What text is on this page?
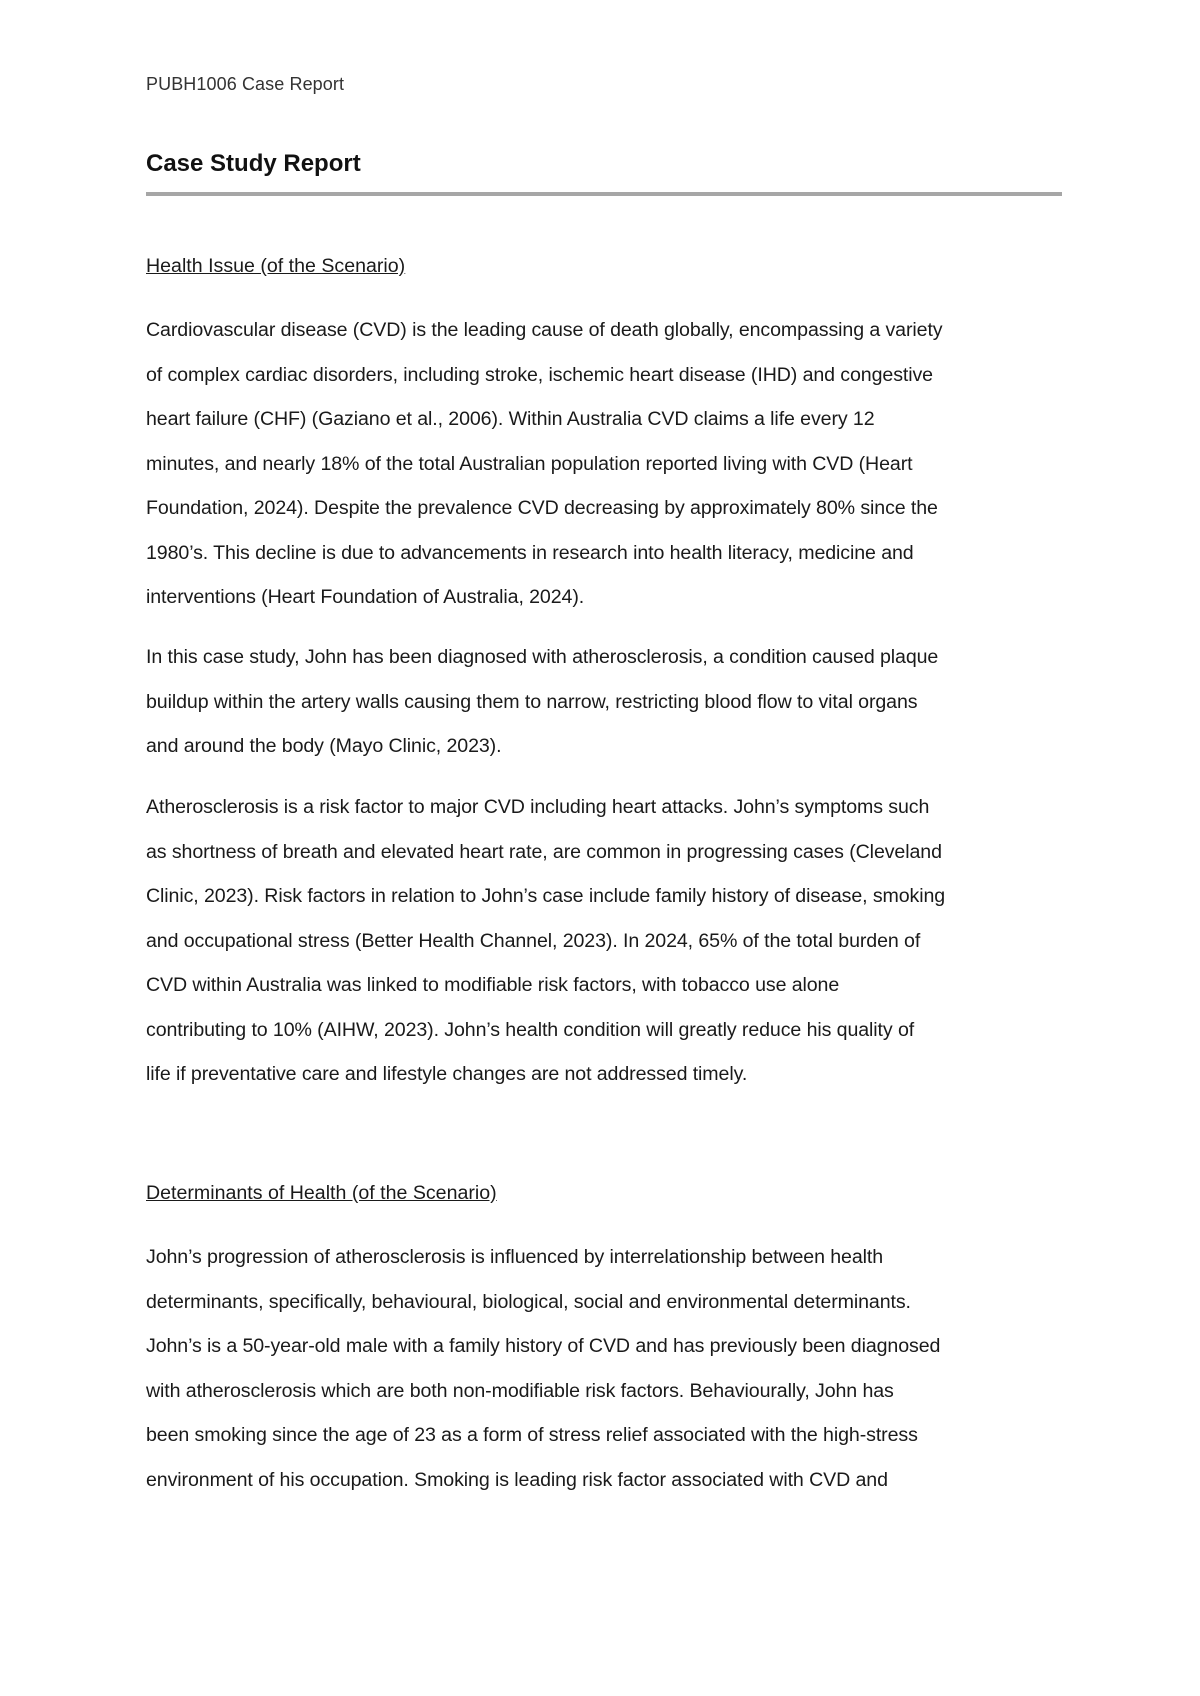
PUBH1006 Case Report
Case Study Report
Health Issue (of the Scenario)

Cardiovascular disease (CVD) is the leading cause of death globally, encompassing a variety
of complex cardiac disorders, including stroke, ischemic heart disease (IHD) and congestive
heart failure (CHF) (Gaziano et al., 2006). Within Australia CVD claims a life every 12
minutes, and nearly 18% of the total Australian population reported living with CVD (Heart
Foundation, 2024). Despite the prevalence CVD decreasing by approximately 80% since the
1980’s. This decline is due to advancements in research into health literacy, medicine and
interventions (Heart Foundation of Australia, 2024).

In this case study, John has been diagnosed with atherosclerosis, a condition caused plaque
buildup within the artery walls causing them to narrow, restricting blood flow to vital organs
and around the body (Mayo Clinic, 2023).

Atherosclerosis is a risk factor to major CVD including heart attacks. John’s symptoms such
as shortness of breath and elevated heart rate, are common in progressing cases (Cleveland
Clinic, 2023). Risk factors in relation to John’s case include family history of disease, smoking
and occupational stress (Better Health Channel, 2023). In 2024, 65% of the total burden of
CVD within Australia was linked to modifiable risk factors, with tobacco use alone
contributing to 10% (AIHW, 2023). John’s health condition will greatly reduce his quality of
life if preventative care and lifestyle changes are not addressed timely.

Determinants of Health (of the Scenario)

John’s progression of atherosclerosis is influenced by interrelationship between health
determinants, specifically, behavioural, biological, social and environmental determinants.
John’s is a 50-year-old male with a family history of CVD and has previously been diagnosed
with atherosclerosis which are both non-modifiable risk factors. Behaviourally, John has
been smoking since the age of 23 as a form of stress relief associated with the high-stress
environment of his occupation. Smoking is leading risk factor associated with CVD and
